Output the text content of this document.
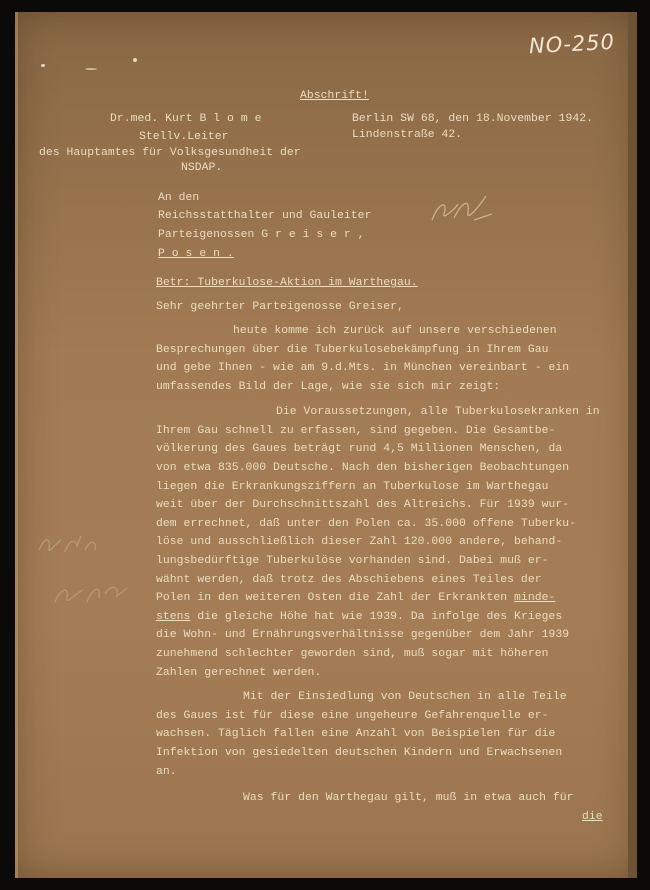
NO-250

Abschrift!

Dr.med. Kurt B l o m e

Stellv.Leiter

des Hauptamtes für Volksgesundheit der

NSDAP.

Berlin SW 68, den 18.November 1942.

Lindenstraße 42.

An den

Reichsstatthalter und Gauleiter

Parteigenossen G r e i s e r ,

P o s e n .

Betr: Tuberkulose-Aktion im Warthegau.

Sehr geehrter Parteigenosse Greiser,

heute komme ich zurück auf unsere verschiedenen

Besprechungen über die Tuberkulosebekämpfung in Ihrem Gau

und gebe Ihnen - wie am 9.d.Mts. in München vereinbart - ein

umfassendes Bild der Lage, wie sie sich mir zeigt:

Die Voraussetzungen, alle Tuberkulosekranken in

Ihrem Gau schnell zu erfassen, sind gegeben. Die Gesamtbe-

völkerung des Gaues beträgt rund 4,5 Millionen Menschen, da

von etwa 835.000 Deutsche. Nach den bisherigen Beobachtungen

liegen die Erkrankungsziffern an Tuberkulose im Warthegau

weit über der Durchschnittszahl des Altreichs. Für 1939 wur-

dem errechnet, daß unter den Polen ca. 35.000 offene Tuberku-

löse und ausschließlich dieser Zahl 120.000 andere, behand-

lungsbedürftige Tuberkulöse vorhanden sind. Dabei muß er-

wähnt werden, daß trotz des Abschiebens eines Teiles der

Polen in den weiteren Osten die Zahl der Erkrankten minde-

stens die gleiche Höhe hat wie 1939. Da infolge des Krieges

die Wohn- und Ernährungsverhältnisse gegenüber dem Jahr 1939

zunehmend schlechter geworden sind, muß sogar mit höheren

Zahlen gerechnet werden.

Mit der Einsiedlung von Deutschen in alle Teile

des Gaues ist für diese eine ungeheure Gefahrenquelle er-

wachsen. Täglich fallen eine Anzahl von Beispielen für die

Infektion von gesiedelten deutschen Kindern und Erwachsenen

an.

Was für den Warthegau gilt, muß in etwa auch für

die
